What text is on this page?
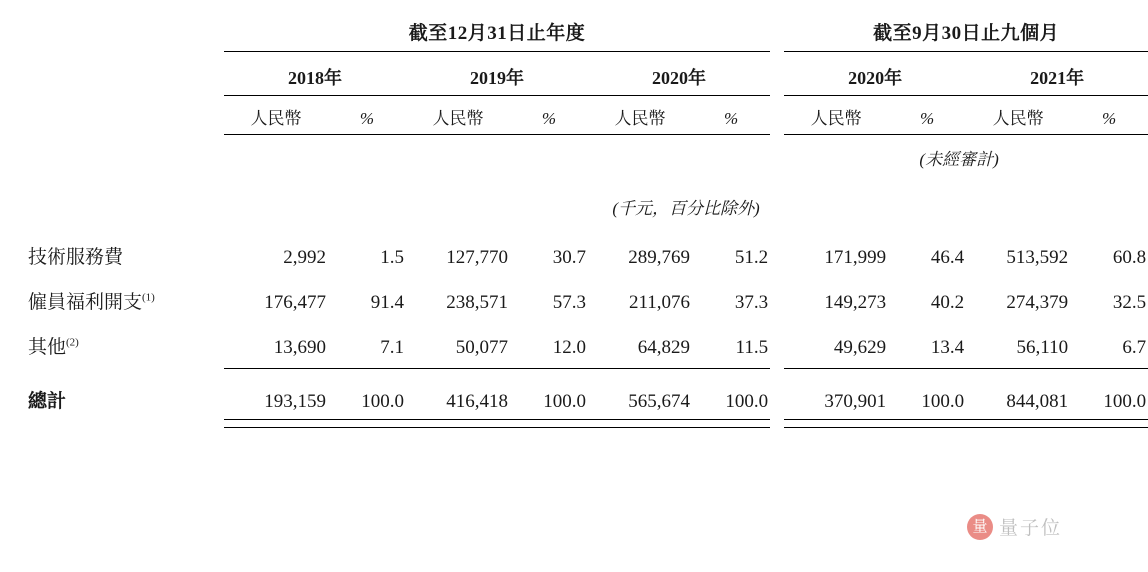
	截至12月31日止年度							截至9月30日止九個月			

	2018年		2019年		2020年			2020年		2021年	

	人民幣	%	人民幣	%	人民幣	%		人民幣	%	人民幣	%

							(未經審計)				
	(千元，百分比除外)										

技術服務費	2,992	1.5	127,770	30.7	289,769	51.2		171,999	46.4	513,592	60.8
僱員福利開支$^{(1)}$	176,477	91.4	238,571	57.3	211,076	37.3		149,273	40.2	274,379	32.5
其他$^{(2)}$	13,690	7.1	50,077	12.0	64,829	11.5		49,629	13.4	56,110	6.7
總計	193,159	100.0	416,418	100.0	565,674	100.0		370,901	100.0	844,081	100.0

量 量子位
